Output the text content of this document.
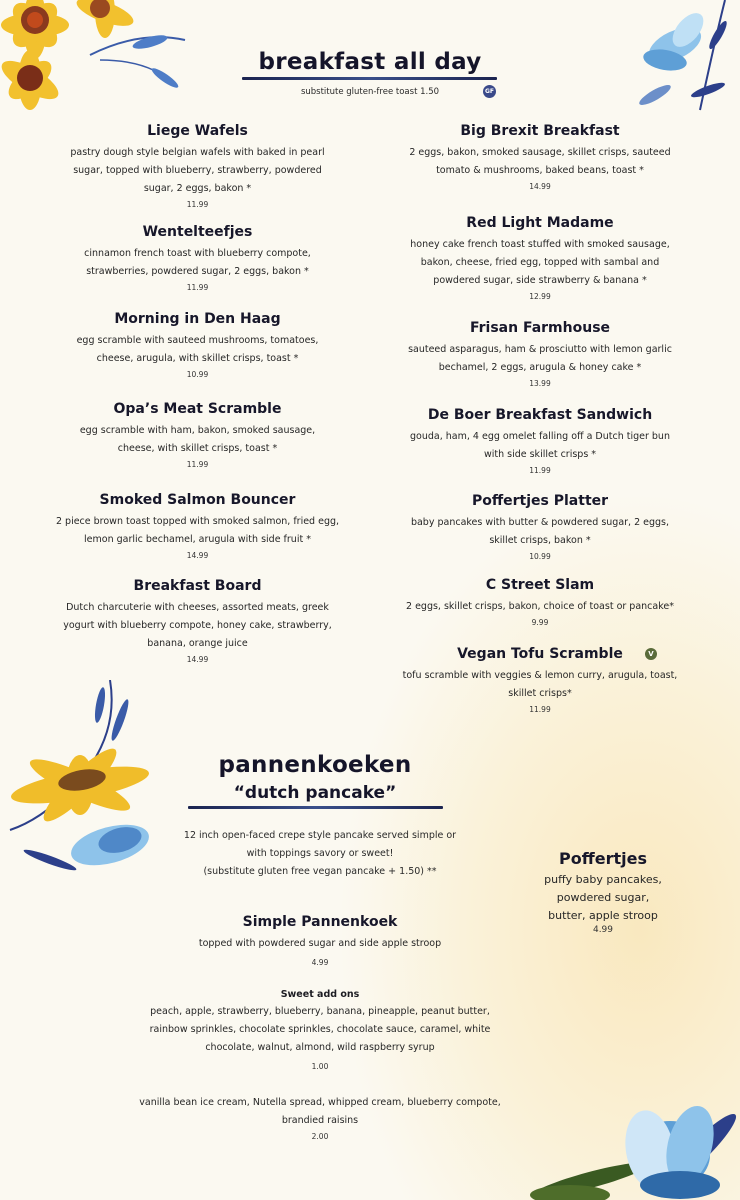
breakfast all day
substitute gluten-free toast 1.50	GF
Liege Wafels
pastry dough style belgian wafels with baked in pearl sugar, topped with blueberry, strawberry, powdered sugar, 2 eggs, bakon *
11.99
Wentelteefjes
cinnamon french toast with blueberry compote, strawberries, powdered sugar, 2 eggs, bakon *
11.99
Morning in Den Haag
egg scramble with sauteed mushrooms, tomatoes, cheese, arugula, with skillet crisps, toast *
10.99
Opa’s Meat Scramble
egg scramble with ham, bakon, smoked sausage, cheese, with skillet crisps, toast *
11.99
Smoked Salmon Bouncer
2 piece brown toast topped with smoked salmon, fried egg, lemon garlic bechamel, arugula with side fruit *
14.99
Breakfast Board
Dutch charcuterie with cheeses, assorted meats, greek yogurt with blueberry compote, honey cake, strawberry, banana, orange juice
14.99
Big Brexit Breakfast
2 eggs, bakon, smoked sausage, skillet crisps, sauteed tomato & mushrooms, baked beans, toast *
14.99
Red Light Madame
honey cake french toast stuffed with smoked sausage, bakon, cheese, fried egg, topped with sambal and powdered sugar, side strawberry & banana *
12.99
Frisan Farmhouse
sauteed asparagus, ham & prosciutto with lemon garlic bechamel, 2 eggs, arugula & honey cake *
13.99
De Boer Breakfast Sandwich
gouda, ham, 4 egg omelet falling off a Dutch tiger bun with side skillet crisps *
11.99
Poffertjes Platter
baby pancakes with butter & powdered sugar, 2 eggs, skillet crisps, bakon *
10.99
C Street Slam
2 eggs, skillet crisps, bakon, choice of toast or pancake*
9.99
Vegan Tofu Scramble
tofu scramble with veggies & lemon curry, arugula, toast, skillet crisps*
11.99
V
pannenkoeken
“dutch pancake”
12 inch open-faced crepe style pancake served simple or
with toppings savory or sweet!
(substitute gluten free vegan pancake + 1.50) **
Simple Pannenkoek
topped with powdered sugar and side apple stroop
4.99
Sweet add ons
peach, apple, strawberry, blueberry, banana, pineapple, peanut butter, rainbow sprinkles, chocolate sprinkles, chocolate sauce, caramel, white chocolate, walnut, almond, wild raspberry syrup
1.00
vanilla bean ice cream, Nutella spread, whipped cream, blueberry compote, brandied raisins
2.00
Poffertjes
puffy baby pancakes, powdered sugar, butter, apple stroop
4.99
